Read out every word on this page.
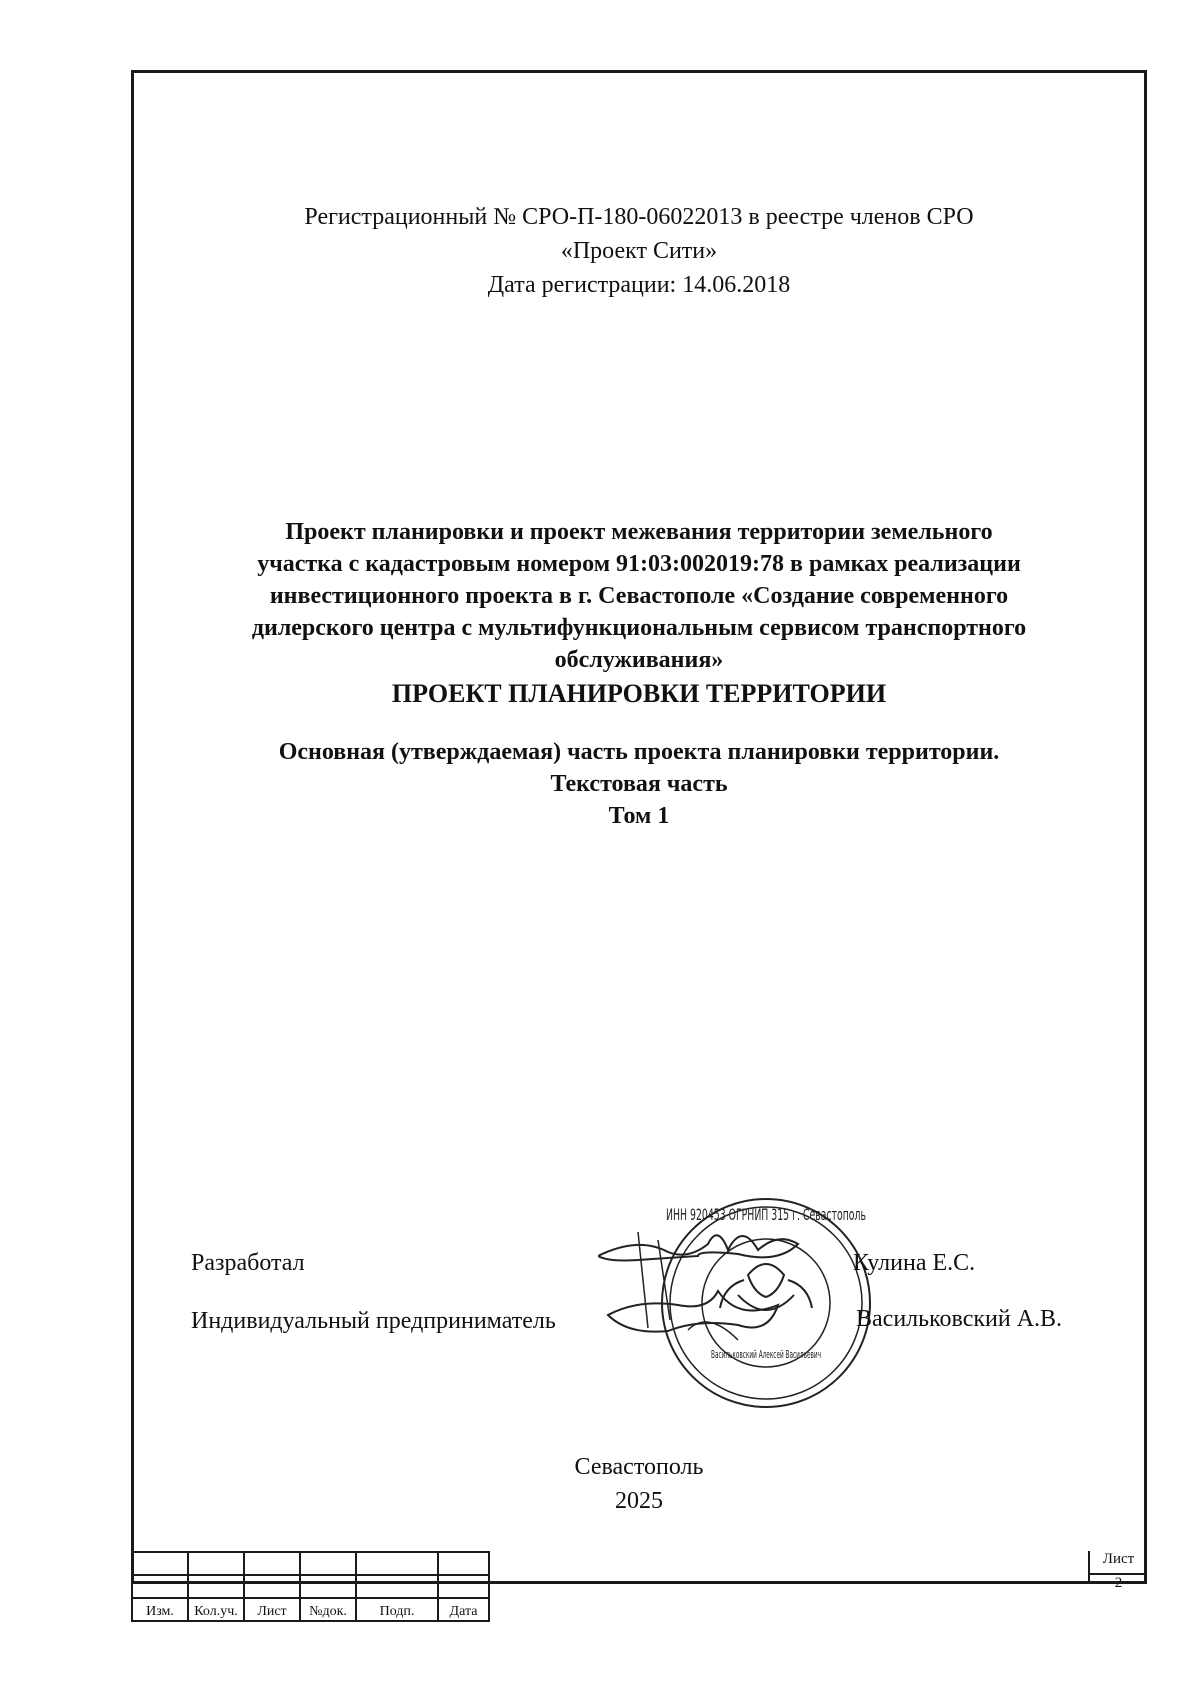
Регистрационный № СРО-П-180-06022013 в реестре членов СРО
«Проект Сити»
Дата регистрации: 14.06.2018
Проект планировки и проект межевания территории земельного
участка с кадастровым номером 91:03:002019:78 в рамках реализации
инвестиционного проекта в г. Севастополе «Создание современного
дилерского центра с мультифункциональным сервисом транспортного
обслуживания»
ПРОЕКТ ПЛАНИРОВКИ ТЕРРИТОРИИ
Основная (утверждаемая) часть проекта планировки территории.
Текстовая часть
Том 1
ИНН 920453 ОГРНИП 315 г. Севастополь
Васильковский Алексей Васильевич
Разработал	Кулина Е.С.
Индивидуальный предприниматель	Васильковский А.В.
Севастополь
2025

Изм.	Кол.уч.	Лист	№док.	Подп.	Дата
Лист
2
